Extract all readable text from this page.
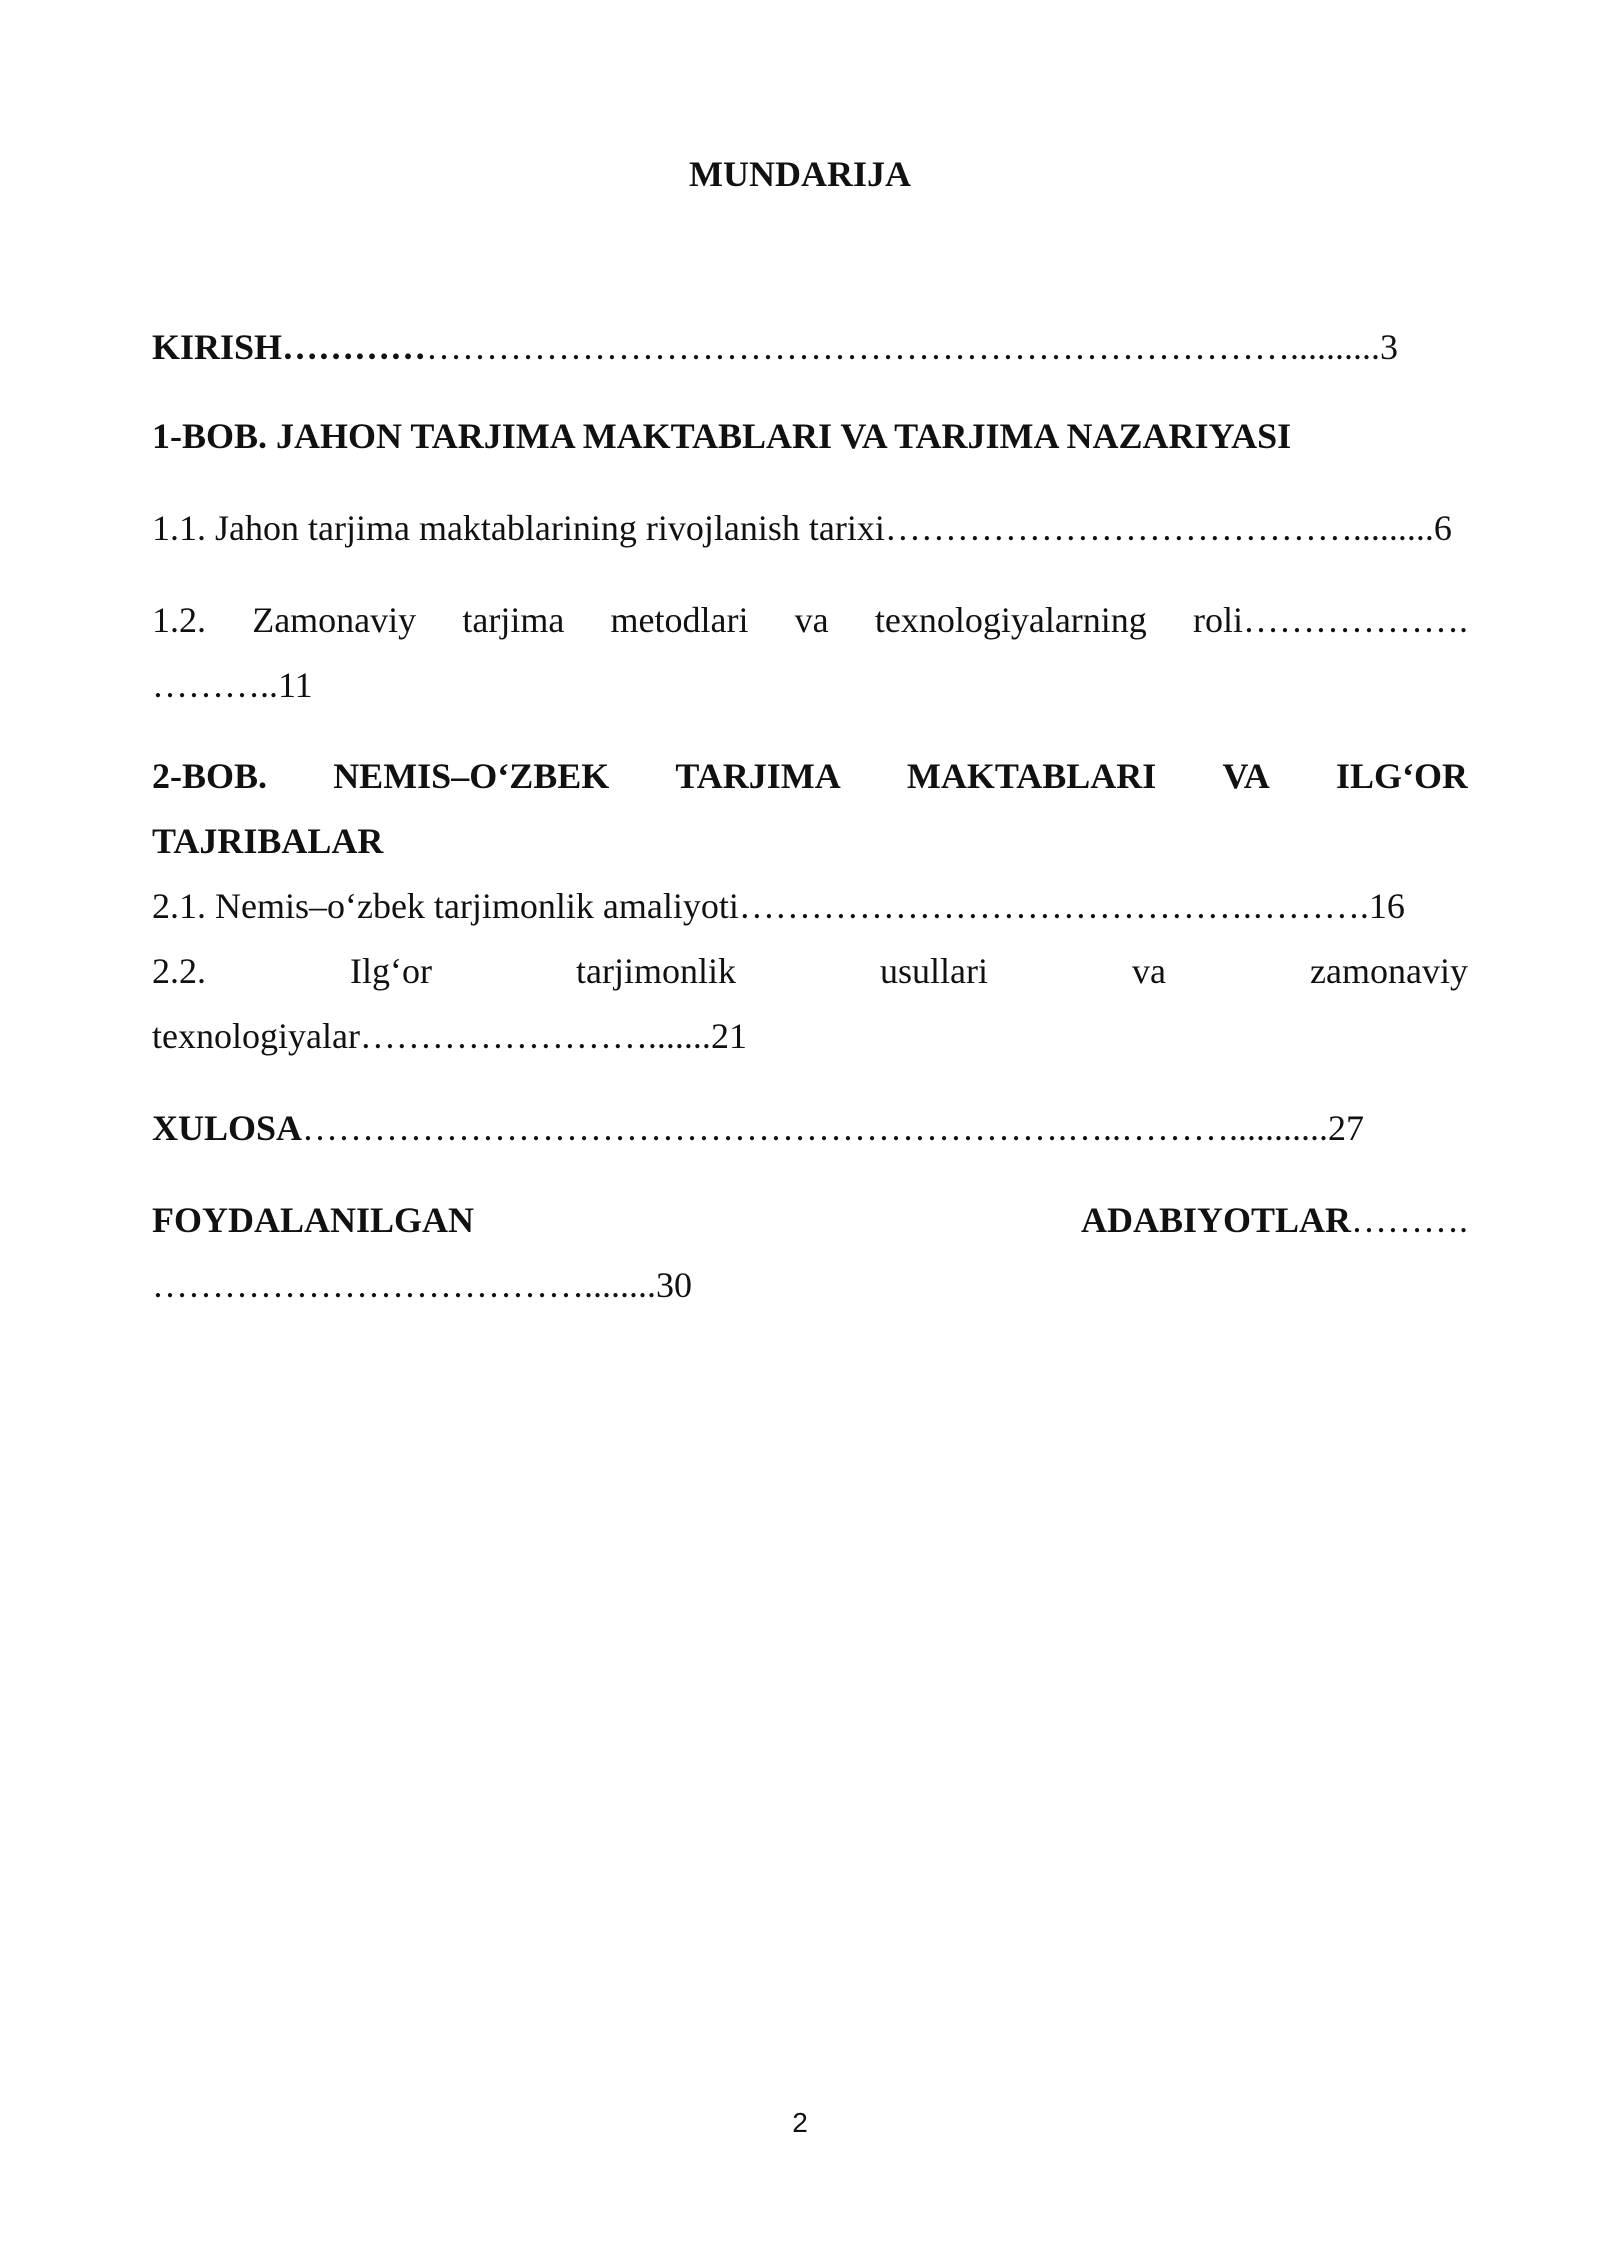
MUNDARIJA
KIRISH…………………………………………………………………………..........3
1-BOB. JAHON TARJIMA MAKTABLARI VA TARJIMA NAZARIYASI
1.1. Jahon tarjima maktablarining rivojlanish tarixi………………………………….........6
1.2. Zamonaviy tarjima metodlari va texnologiyalarning roli……………….
………..11
2-BOB. NEMIS–O‘ZBEK TARJIMA MAKTABLARI VA ILG‘OR
TAJRIBALAR
2.1. Nemis–o‘zbek tarjimonlik amaliyoti…………………………………….……….16
2.2.	Ilg‘or	tarjimonlik	usullari	va	zamonaviy
texnologiyalar…………………….......21
XULOSA……………………………………………………….…..………...........27
FOYDALANILGAN	ADABIYOTLAR……….
………………………………........30
2
